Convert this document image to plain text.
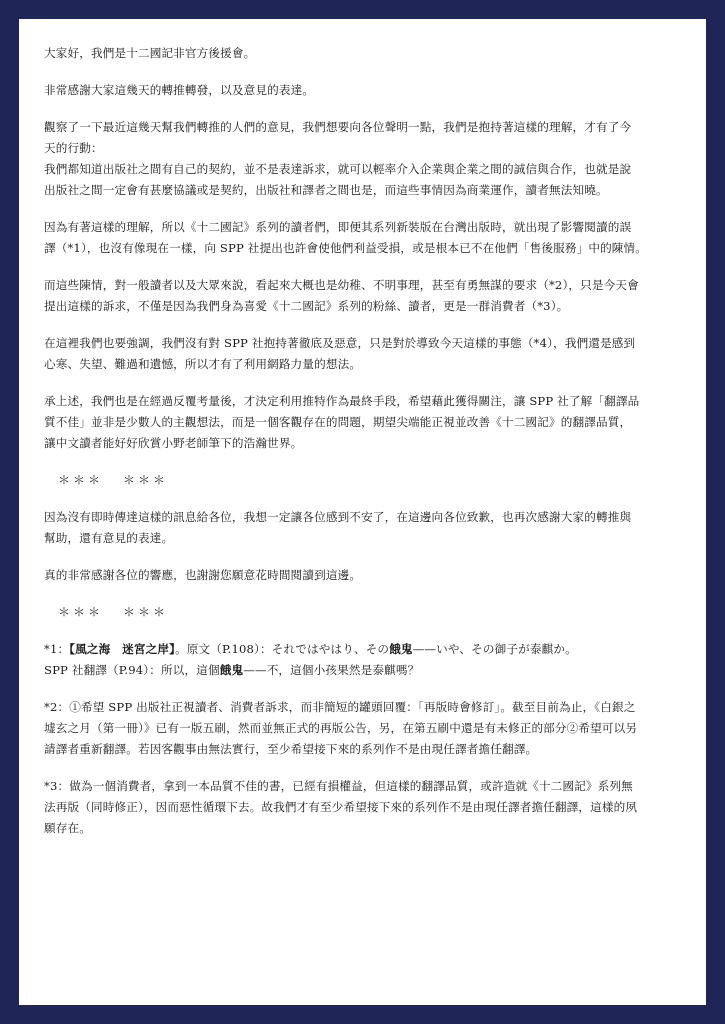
大家好，我們是十二國記非官方後援會。
非常感謝大家這幾天的轉推轉發，以及意見的表達。
觀察了一下最近這幾天幫我們轉推的人們的意見，我們想要向各位聲明一點，我們是抱持著這樣的理解，才有了今
天的行動：
我們都知道出版社之間有自己的契約，並不是表達訴求，就可以輕率介入企業與企業之間的誠信與合作，也就是說
出版社之間一定會有甚麼協議或是契約，出版社和譯者之間也是，而這些事情因為商業運作，讀者無法知曉。
因為有著這樣的理解，所以《十二國記》系列的讀者們，即便其系列新裝版在台灣出版時，就出現了影響閱讀的誤
譯（*1），也沒有像現在一樣，向 SPP 社提出也許會使他們利益受損，或是根本已不在他們「售後服務」中的陳情。
而這些陳情，對一般讀者以及大眾來說，看起來大概也是幼稚、不明事理，甚至有勇無謀的要求（*2），只是今天會
提出這樣的訴求，不僅是因為我們身為喜愛《十二國記》系列的粉絲、讀者，更是一群消費者（*3）。
在這裡我們也要強調，我們沒有對 SPP 社抱持著徹底及惡意，只是對於導致今天這樣的事態（*4），我們還是感到
心寒、失望、難過和遺憾，所以才有了利用網路力量的想法。
承上述，我們也是在經過反覆考量後，才決定利用推特作為最終手段，希望藉此獲得關注，讓 SPP 社了解「翻譯品
質不佳」並非是少數人的主觀想法，而是一個客觀存在的問題，期望尖端能正視並改善《十二國記》的翻譯品質，
讓中文讀者能好好欣賞小野老師筆下的浩瀚世界。
＊＊＊ ＊＊＊
因為沒有即時傳達這樣的訊息給各位，我想一定讓各位感到不安了，在這邊向各位致歉，也再次感謝大家的轉推與
幫助，還有意見的表達。
真的非常感謝各位的響應，也謝謝您願意花時間閱讀到這邊。
＊＊＊ ＊＊＊
*1：【風之海　迷宮之岸】。原文（P.108）：それではやはり、その餓鬼——いや、その御子が泰麒か。
SPP 社翻譯（P.94）：所以，這個餓鬼——不，這個小孩果然是泰麒嗎？
*2：①希望 SPP 出版社正視讀者、消費者訴求，而非簡短的罐頭回覆：「再版時會修訂」。截至目前為止，《白銀之
墟玄之月（第一冊）》已有一版五刷，然而並無正式的再版公告，另，在第五刷中還是有未修正的部分②希望可以另
請譯者重新翻譯。若因客觀事由無法實行，至少希望接下來的系列作不是由現任譯者擔任翻譯。
*3：做為一個消費者，拿到一本品質不佳的書，已經有損權益，但這樣的翻譯品質，或許造就《十二國記》系列無
法再版（同時修正），因而惡性循環下去。故我們才有至少希望接下來的系列作不是由現任譯者擔任翻譯，這樣的夙
願存在。
